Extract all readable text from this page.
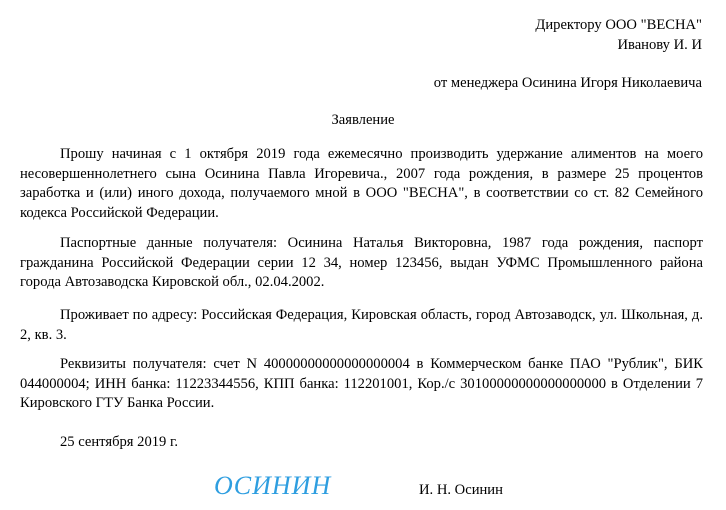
Директору ООО "ВЕСНА"
Иванову И. И
от менеджера Осинина Игоря Николаевича
Заявление
Прошу начиная с 1 октября 2019 года ежемесячно производить удержание алиментов на моего несовершеннолетнего сына Осинина Павла Игоревича., 2007 года рождения, в размере 25 процентов заработка и (или) иного дохода, получаемого мной в ООО "ВЕСНА", в соответствии со ст. 82 Семейного кодекса Российской Федерации.
Паспортные данные получателя: Осинина Наталья Викторовна, 1987 года рождения, паспорт гражданина Российской Федерации серии 12 34, номер 123456, выдан УФМС Промышленного района города Автозаводска Кировской обл., 02.04.2002.
Проживает по адресу: Российская Федерация, Кировская область, город Автозаводск, ул. Школьная, д. 2, кв. 3.
Реквизиты получателя: счет N 40000000000000000004 в Коммерческом банке ПАО "Рублик", БИК 044000004; ИНН банка: 11223344556, КПП банка: 112201001, Кор./с 30100000000000000000 в Отделении 7 Кировского ГТУ Банка России.
25 сентября 2019 г.
ОСИНИН	И. Н. Осинин
